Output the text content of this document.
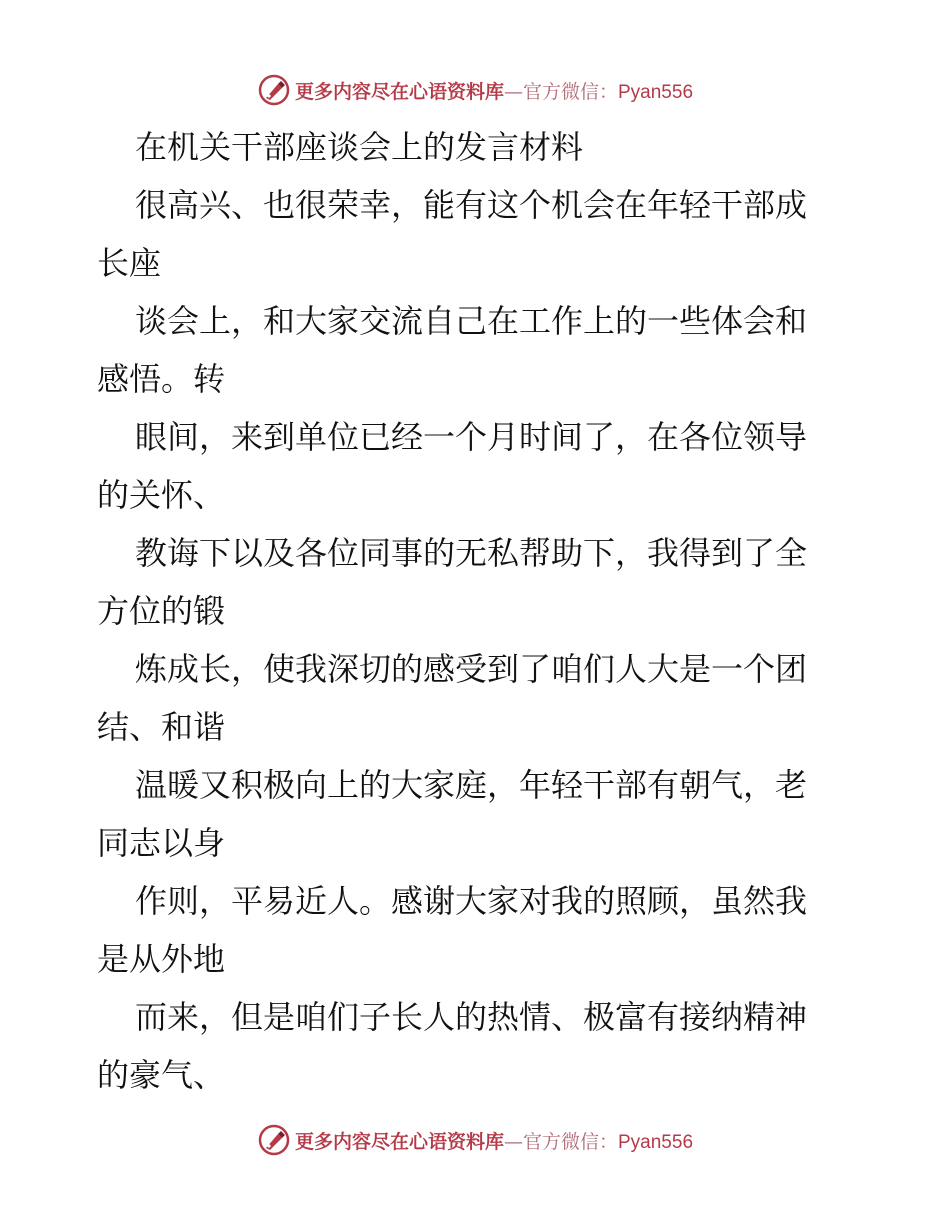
更多内容尽在心语资料库 — 官方微信： Pyan556
在机关干部座谈会上的发言材料
很高兴、也很荣幸，能有这个机会在年轻干部成
长座
谈会上，和大家交流自己在工作上的一些体会和
感悟。转
眼间，来到单位已经一个月时间了，在各位领导
的关怀、
教诲下以及各位同事的无私帮助下，我得到了全
方位的锻
炼成长，使我深切的感受到了咱们人大是一个团
结、和谐
温暖又积极向上的大家庭，年轻干部有朝气，老
同志以身
作则，平易近人。感谢大家对我的照顾，虽然我
是从外地
而来，但是咱们子长人的热情、极富有接纳精神
的豪气、
更多内容尽在心语资料库 — 官方微信： Pyan556
